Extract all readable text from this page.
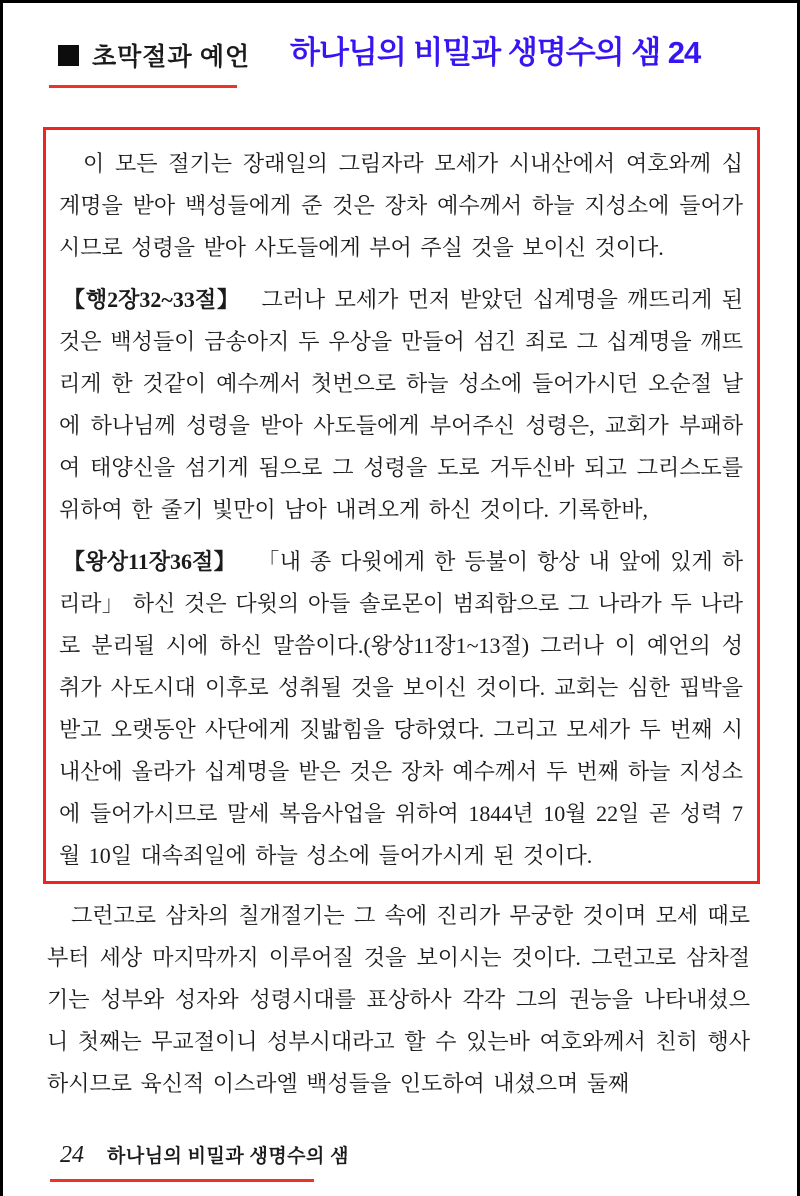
초막절과 예언 하나님의 비밀과 생명수의 샘 24

이 모든 절기는 장래일의 그림자라 모세가 시내산에서 여호와께 십계명을 받아 백성들에게 준 것은 장차 예수께서 하늘 지성소에 들어가시므로 성령을 받아 사도들에게 부어 주실 것을 보이신 것이다.

【행2장32~33절】 그러나 모세가 먼저 받았던 십계명을 깨뜨리게 된 것은 백성들이 금송아지 두 우상을 만들어 섬긴 죄로 그 십계명을 깨뜨리게 한 것같이 예수께서 첫번으로 하늘 성소에 들어가시던 오순절 날에 하나님께 성령을 받아 사도들에게 부어주신 성령은, 교회가 부패하여 태양신을 섬기게 됨으로 그 성령을 도로 거두신바 되고 그리스도를 위하여 한 줄기 빛만이 남아 내려오게 하신 것이다. 기록한바,

【왕상11장36절】 「내 종 다윗에게 한 등불이 항상 내 앞에 있게 하리라」 하신 것은 다윗의 아들 솔로몬이 범죄함으로 그 나라가 두 나라로 분리될 시에 하신 말씀이다.(왕상11장1~13절) 그러나 이 예언의 성취가 사도시대 이후로 성취될 것을 보이신 것이다. 교회는 심한 핍박을 받고 오랫동안 사단에게 짓밟힘을 당하였다. 그리고 모세가 두 번째 시내산에 올라가 십계명을 받은 것은 장차 예수께서 두 번째 하늘 지성소에 들어가시므로 말세 복음사업을 위하여 1844년 10월 22일 곧 성력 7월 10일 대속죄일에 하늘 성소에 들어가시게 된 것이다.

그런고로 삼차의 칠개절기는 그 속에 진리가 무궁한 것이며 모세 때로부터 세상 마지막까지 이루어질 것을 보이시는 것이다. 그런고로 삼차절기는 성부와 성자와 성령시대를 표상하사 각각 그의 권능을 나타내셨으니 첫째는 무교절이니 성부시대라고 할 수 있는바 여호와께서 친히 행사하시므로 육신적 이스라엘 백성들을 인도하여 내셨으며 둘째

24 하나님의 비밀과 생명수의 샘
